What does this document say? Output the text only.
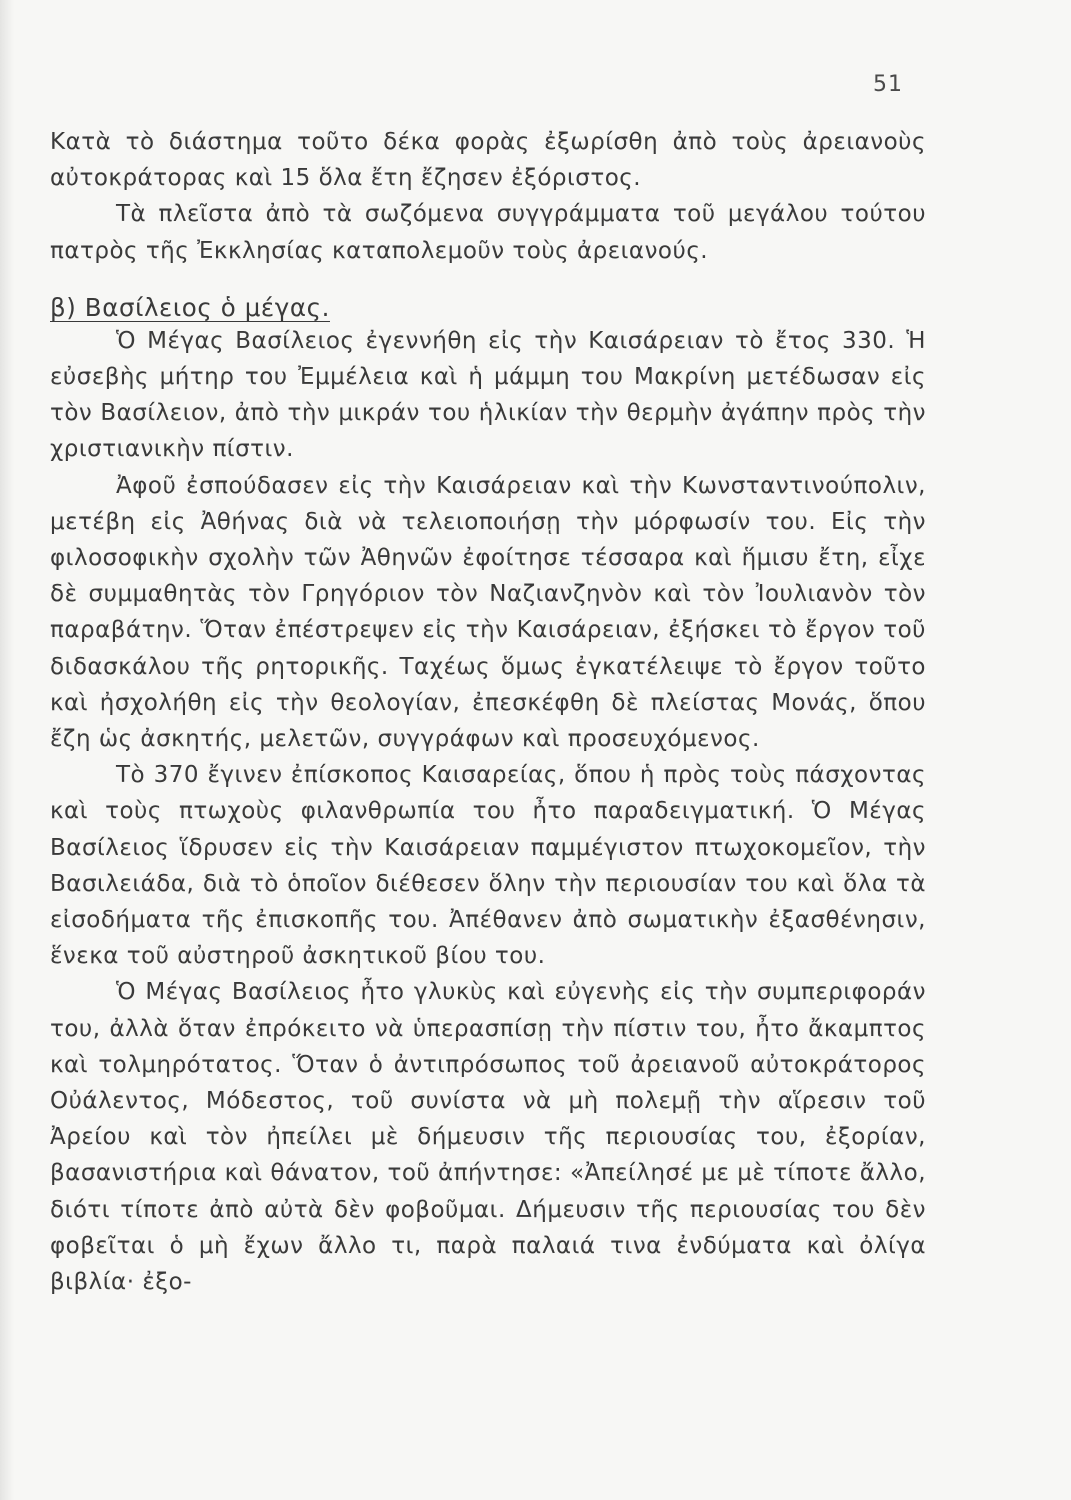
51

Κατὰ τὸ διάστημα τοῦτο δέκα φορὰς ἐξωρίσθη ἀπὸ τοὺς ἀρειανοὺς αὐτοκράτορας καὶ 15 ὅλα ἔτη ἔζησεν ἐξόριστος.

Τὰ πλεῖστα ἀπὸ τὰ σωζόμενα συγγράμματα τοῦ μεγάλου τούτου πατρὸς τῆς Ἐκκλησίας καταπολεμοῦν τοὺς ἀρειανούς.

β) Βασίλειος ὁ μέγας.

Ὁ Μέγας Βασίλειος ἐγεννήθη εἰς τὴν Καισάρειαν τὸ ἔτος 330. Ἡ εὐσεβὴς μήτηρ του Ἐμμέλεια καὶ ἡ μάμμη του Μακρίνη μετέδωσαν εἰς τὸν Βασίλειον, ἀπὸ τὴν μικράν του ἡλικίαν τὴν θερμὴν ἀγάπην πρὸς τὴν χριστιανικὴν πίστιν.

Ἀφοῦ ἐσπούδασεν εἰς τὴν Καισάρειαν καὶ τὴν Κωνσταντινούπολιν, μετέβη εἰς Ἀθήνας διὰ νὰ τελειοποιήσῃ τὴν μόρφωσίν του. Εἰς τὴν φιλοσοφικὴν σχολὴν τῶν Ἀθηνῶν ἐφοίτησε τέσσαρα καὶ ἥμισυ ἔτη, εἶχε δὲ συμμαθητὰς τὸν Γρηγόριον τὸν Ναζιανζηνὸν καὶ τὸν Ἰουλιανὸν τὸν παραβάτην. Ὅταν ἐπέστρεψεν εἰς τὴν Καισάρειαν, ἐξήσκει τὸ ἔργον τοῦ διδασκάλου τῆς ρητορικῆς. Ταχέως ὅμως ἐγκατέλειψε τὸ ἔργον τοῦτο καὶ ἠσχολήθη εἰς τὴν θεολογίαν, ἐπεσκέφθη δὲ πλείστας Μονάς, ὅπου ἔζη ὡς ἀσκητής, μελετῶν, συγγράφων καὶ προσευχόμενος.

Τὸ 370 ἔγινεν ἐπίσκοπος Καισαρείας, ὅπου ἡ πρὸς τοὺς πάσχοντας καὶ τοὺς πτωχοὺς φιλανθρωπία του ἦτο παραδειγματική. Ὁ Μέγας Βασίλειος ἵδρυσεν εἰς τὴν Καισάρειαν παμμέγιστον πτωχοκομεῖον, τὴν Βασιλειάδα, διὰ τὸ ὁποῖον διέθεσεν ὅλην τὴν περιουσίαν του καὶ ὅλα τὰ εἰσοδήματα τῆς ἐπισκοπῆς του. Ἀπέθανεν ἀπὸ σωματικὴν ἐξασθένησιν, ἕνεκα τοῦ αὐστηροῦ ἀσκητικοῦ βίου του.

Ὁ Μέγας Βασίλειος ἦτο γλυκὺς καὶ εὐγενὴς εἰς τὴν συμπεριφοράν του, ἀλλὰ ὅταν ἐπρόκειτο νὰ ὑπερασπίσῃ τὴν πίστιν του, ἦτο ἄκαμπτος καὶ τολμηρότατος. Ὅταν ὁ ἀντιπρόσωπος τοῦ ἀρειανοῦ αὐτοκράτορος Οὐάλεντος, Μόδεστος, τοῦ συνίστα νὰ μὴ πολεμῇ τὴν αἵρεσιν τοῦ Ἀρείου καὶ τὸν ἠπείλει μὲ δήμευσιν τῆς περιουσίας του, ἐξορίαν, βασανιστήρια καὶ θάνατον, τοῦ ἀπήντησε: «Ἀπείλησέ με μὲ τίποτε ἄλλο, διότι τίποτε ἀπὸ αὐτὰ δὲν φοβοῦμαι. Δήμευσιν τῆς περιουσίας του δὲν φοβεῖται ὁ μὴ ἔχων ἄλλο τι, παρὰ παλαιά τινα ἐνδύματα καὶ ὀλίγα βιβλία· ἐξο-
